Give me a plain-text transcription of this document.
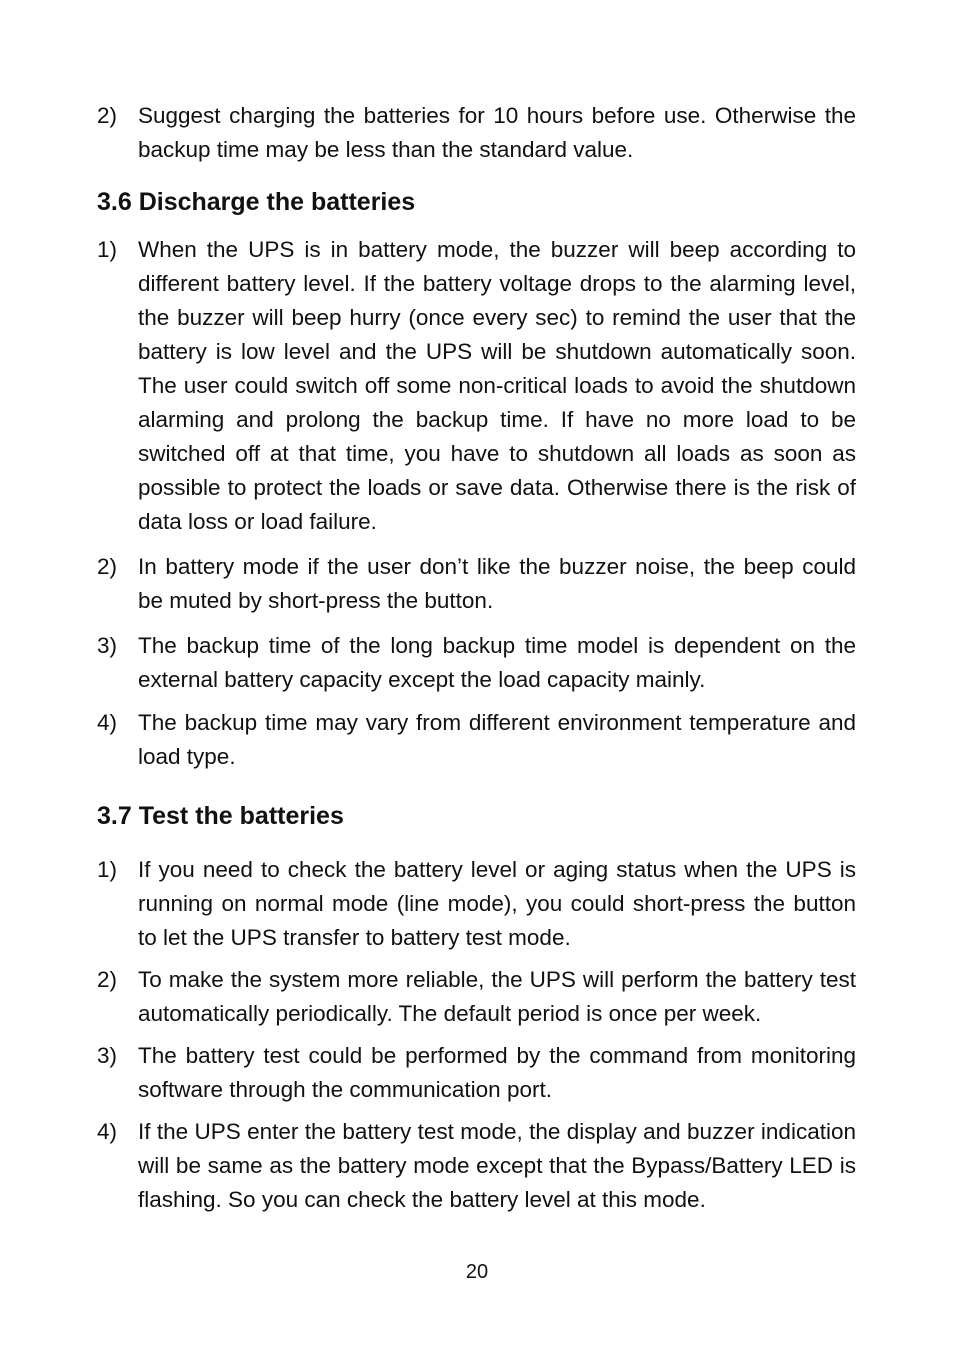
2) Suggest charging the batteries for 10 hours before use. Otherwise the backup time may be less than the standard value.
3.6 Discharge the batteries
1) When the UPS is in battery mode, the buzzer will beep according to different battery level. If the battery voltage drops to the alarming level, the buzzer will beep hurry (once every sec) to remind the user that the battery is low level and the UPS will be shutdown automatically soon. The user could switch off some non-critical loads to avoid the shutdown alarming and prolong the backup time. If have no more load to be switched off at that time, you have to shutdown all loads as soon as possible to protect the loads or save data. Otherwise there is the risk of data loss or load failure.
2) In battery mode if the user don’t like the buzzer noise, the beep could be muted by short-press the button.
3) The backup time of the long backup time model is dependent on the external battery capacity except the load capacity mainly.
4) The backup time may vary from different environment temperature and load type.
3.7 Test the batteries
1) If you need to check the battery level or aging status when the UPS is running on normal mode (line mode), you could short-press the button to let the UPS transfer to battery test mode.
2) To make the system more reliable, the UPS will perform the battery test automatically periodically. The default period is once per week.
3) The battery test could be performed by the command from monitoring software through the communication port.
4) If the UPS enter the battery test mode, the display and buzzer indication will be same as the battery mode except that the Bypass/Battery LED is flashing. So you can check the battery level at this mode.
20
